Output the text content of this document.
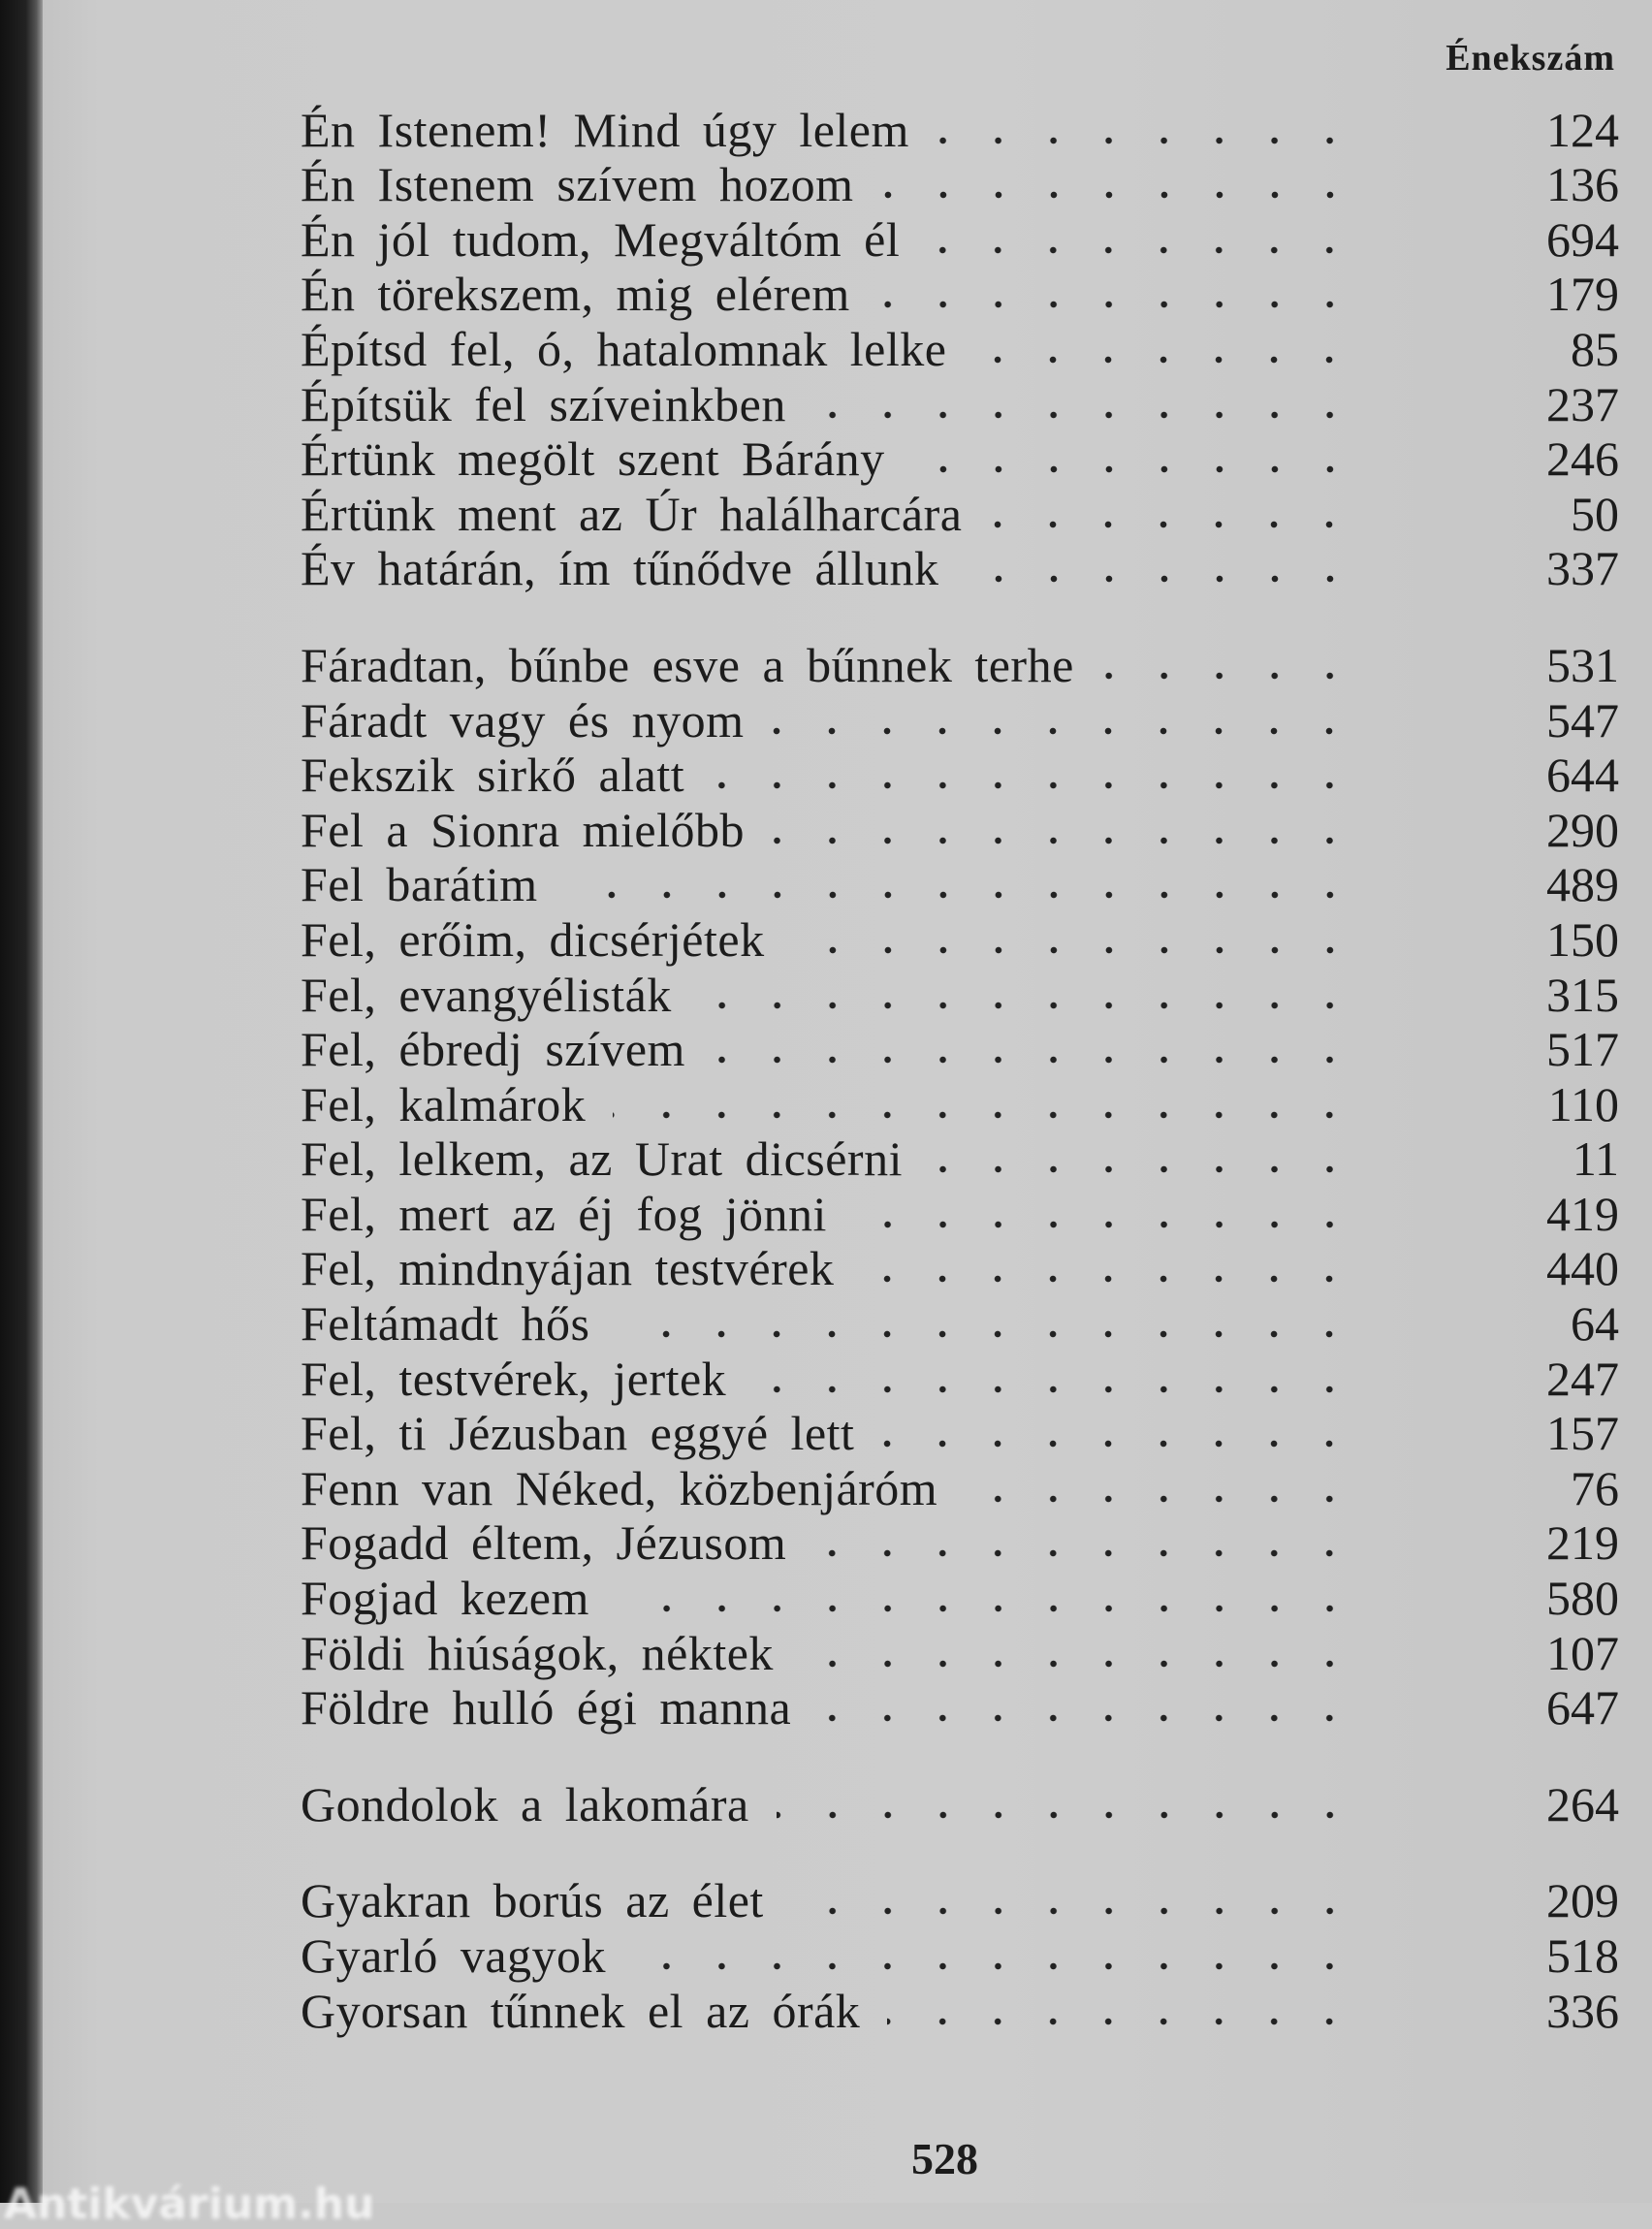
Énekszám
Én Istenem! Mind úgy lelem	124
Én Istenem szívem hozom	136
Én jól tudom, Megváltóm él	694
Én törekszem, mig elérem	179
Építsd fel, ó, hatalomnak lelke	85
Építsük fel szíveinkben	237
Értünk megölt szent Bárány	246
Értünk ment az Úr halálharcára	50
Év határán, ím tűnődve állunk	337
Fáradtan, bűnbe esve a bűnnek terhe	531
Fáradt vagy és nyom	547
Fekszik sirkő alatt	644
Fel a Sionra mielőbb	290
Fel barátim	489
Fel, erőim, dicsérjétek	150
Fel, evangyélisták	315
Fel, ébredj szívem	517
Fel, kalmárok	110
Fel, lelkem, az Urat dicsérni	11
Fel, mert az éj fog jönni	419
Fel, mindnyájan testvérek	440
Feltámadt hős	64
Fel, testvérek, jertek	247
Fel, ti Jézusban eggyé lett	157
Fenn van Néked, közbenjáróm	76
Fogadd éltem, Jézusom	219
Fogjad kezem	580
Földi hiúságok, néktek	107
Földre hulló égi manna	647
Gondolok a lakomára	264
Gyakran borús az élet	209
Gyarló vagyok	518
Gyorsan tűnnek el az órák	336
528
Antikvárium.hu
